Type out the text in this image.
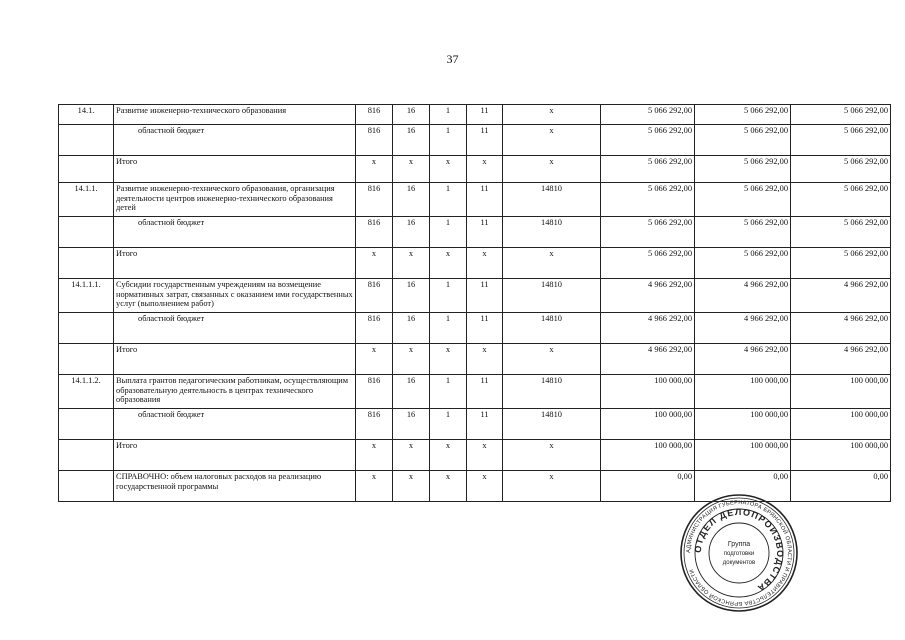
37
14.1.	Развитие инженерно-технического образования	816	16	1	11	x	5 066 292,00	5 066 292,00	5 066 292,00
	областной бюджет	816	16	1	11	x	5 066 292,00	5 066 292,00	5 066 292,00
	Итого	x	x	x	x	x	5 066 292,00	5 066 292,00	5 066 292,00
14.1.1.	Развитие инженерно-технического образования, организация деятельности центров инженерно-технического образования детей	816	16	1	11	14810	5 066 292,00	5 066 292,00	5 066 292,00
	областной бюджет	816	16	1	11	14810	5 066 292,00	5 066 292,00	5 066 292,00
	Итого	x	x	x	x	x	5 066 292,00	5 066 292,00	5 066 292,00
14.1.1.1.	Субсидии государственным учреждениям на возмещение нормативных затрат, связанных с оказанием ими государственных услуг (выполнением работ)	816	16	1	11	14810	4 966 292,00	4 966 292,00	4 966 292,00
	областной бюджет	816	16	1	11	14810	4 966 292,00	4 966 292,00	4 966 292,00
	Итого	x	x	x	x	x	4 966 292,00	4 966 292,00	4 966 292,00
14.1.1.2.	Выплата грантов педагогическим работникам, осуществляющим образовательную деятельность в центрах технического образования	816	16	1	11	14810	100 000,00	100 000,00	100 000,00
	областной бюджет	816	16	1	11	14810	100 000,00	100 000,00	100 000,00
	Итого	x	x	x	x	x	100 000,00	100 000,00	100 000,00
	СПРАВОЧНО: объем налоговых расходов на реализацию государственной программы	x	x	x	x	x	0,00	0,00	0,00
АДМИНИСТРАЦИЯ ГУБЕРНАТОРА БРЯНСКОЙ ОБЛАСТИ И ПРАВИТЕЛЬСТВА БРЯНСКОЙ ОБЛАСТИ
ОТДЕЛ ДЕЛОПРОИЗВОДСТВА
Группа
подготовки
документов
